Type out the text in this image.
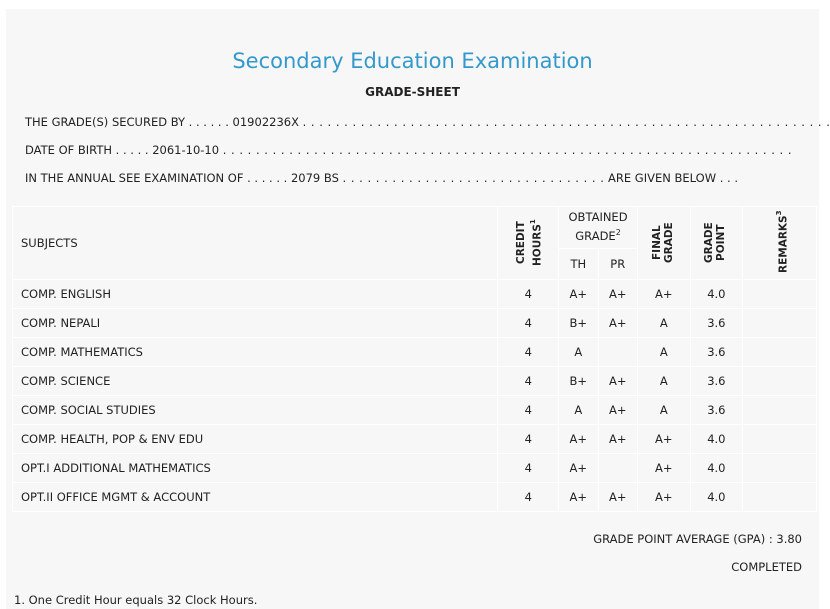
Secondary Education Examination
GRADE-SHEET
THE GRADE(S) SECURED BY . . . . . . 01902236X . . . . . . . . . . . . . . . . . . . . . . . . . . . . . . . . . . . . . . . . . . . . . . . . . . . . . . . . . . . . . . . .
DATE OF BIRTH . . . . . 2061-10-10 . . . . . . . . . . . . . . . . . . . . . . . . . . . . . . . . . . . . . . . . . . . . . . . . . . . . . . . . . . . . . . . . . . . . .
IN THE ANNUAL SEE EXAMINATION OF . . . . . . 2079 BS . . . . . . . . . . . . . . . . . . . . . . . . . . . . . . . . ARE GIVEN BELOW . . .
SUBJECTS	CREDIT HOURS$^1$	OBTAINED GRADE$^2$		FINAL GRADE	GRADE POINT	REMARKS$^3$

		TH	PR			
COMP. ENGLISH	4	A+	A+	A+	4.0	
COMP. NEPALI	4	B+	A+	A	3.6	
COMP. MATHEMATICS	4	A		A	3.6	
COMP. SCIENCE	4	B+	A+	A	3.6	
COMP. SOCIAL STUDIES	4	A	A+	A	3.6	
COMP. HEALTH, POP & ENV EDU	4	A+	A+	A+	4.0	
OPT.I ADDITIONAL MATHEMATICS	4	A+		A+	4.0	
OPT.II OFFICE MGMT & ACCOUNT	4	A+	A+	A+	4.0	
GRADE POINT AVERAGE (GPA) : 3.80
COMPLETED
1. One Credit Hour equals 32 Clock Hours.
